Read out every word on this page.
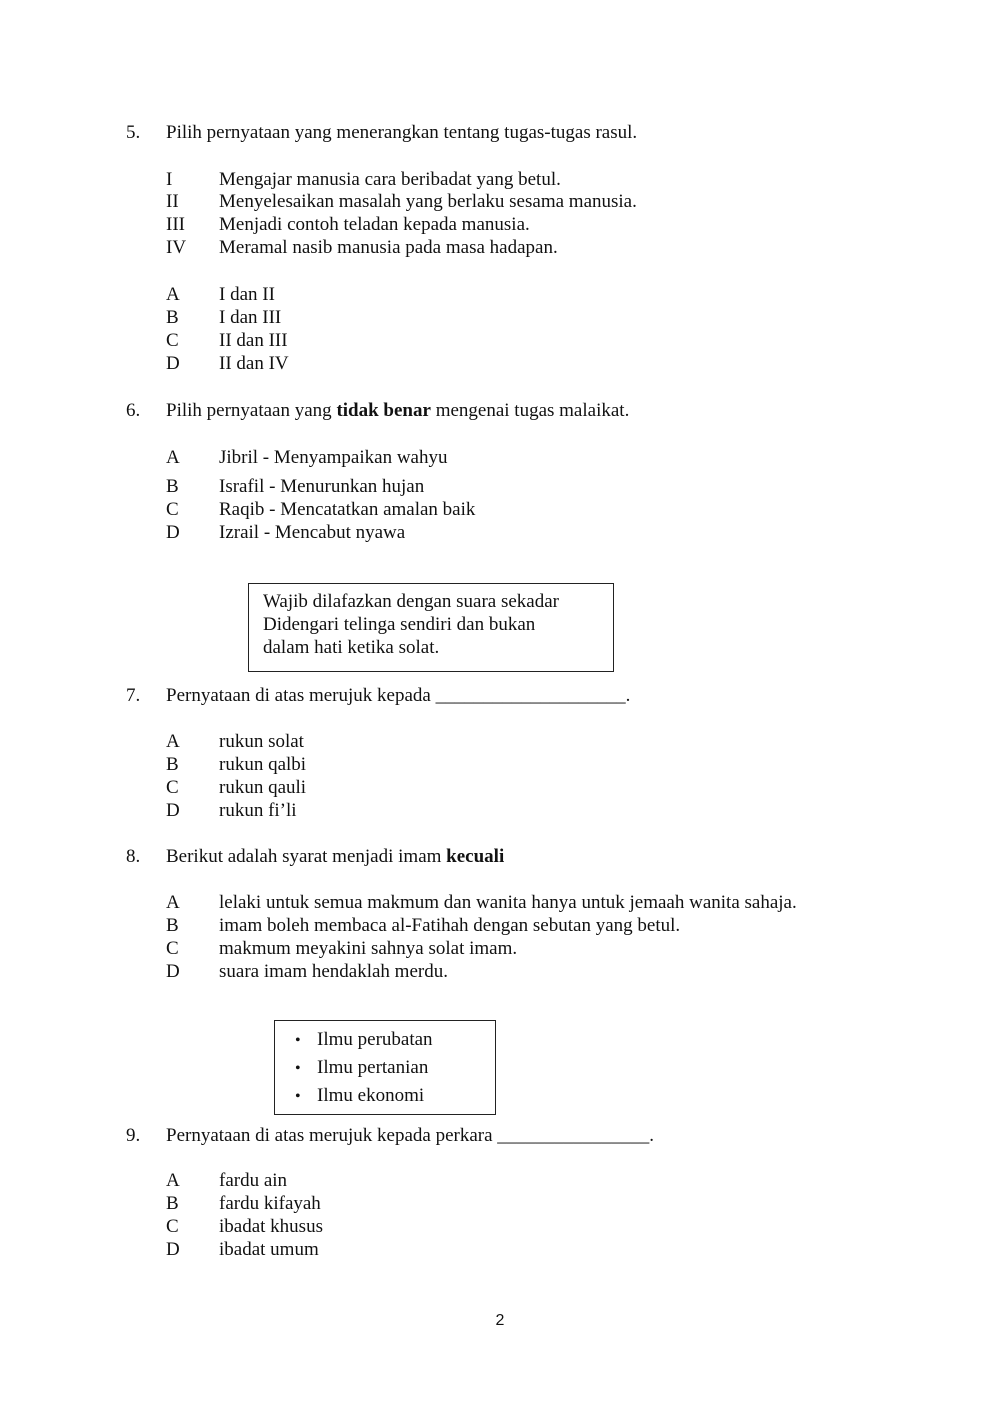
5. Pilih pernyataan yang menerangkan tentang tugas-tugas rasul.
I Mengajar manusia cara beribadat yang betul.
II Menyelesaikan masalah yang berlaku sesama manusia.
III Menjadi contoh teladan kepada manusia.
IV Meramal nasib manusia pada masa hadapan.
A I dan II
B I dan III
C II dan III
D II dan IV
6. Pilih pernyataan yang tidak benar mengenai tugas malaikat.
A Jibril - Menyampaikan wahyu
B Israfil - Menurunkan hujan
C Raqib - Mencatatkan amalan baik
D Izrail - Mencabut nyawa
Wajib dilafazkan dengan suara sekadar
Didengari telinga sendiri dan bukan
dalam hati ketika solat.
7. Pernyataan di atas merujuk kepada ____________________.
A rukun solat
B rukun qalbi
C rukun qauli
D rukun fi’li
8. Berikut adalah syarat menjadi imam kecuali
A lelaki untuk semua makmum dan wanita hanya untuk jemaah wanita sahaja.
B imam boleh membaca al-Fatihah dengan sebutan yang betul.
C makmum meyakini sahnya solat imam.
D suara imam hendaklah merdu.
• Ilmu perubatan
• Ilmu pertanian
• Ilmu ekonomi
9. Pernyataan di atas merujuk kepada perkara ________________.
A fardu ain
B fardu kifayah
C ibadat khusus
D ibadat umum
2
